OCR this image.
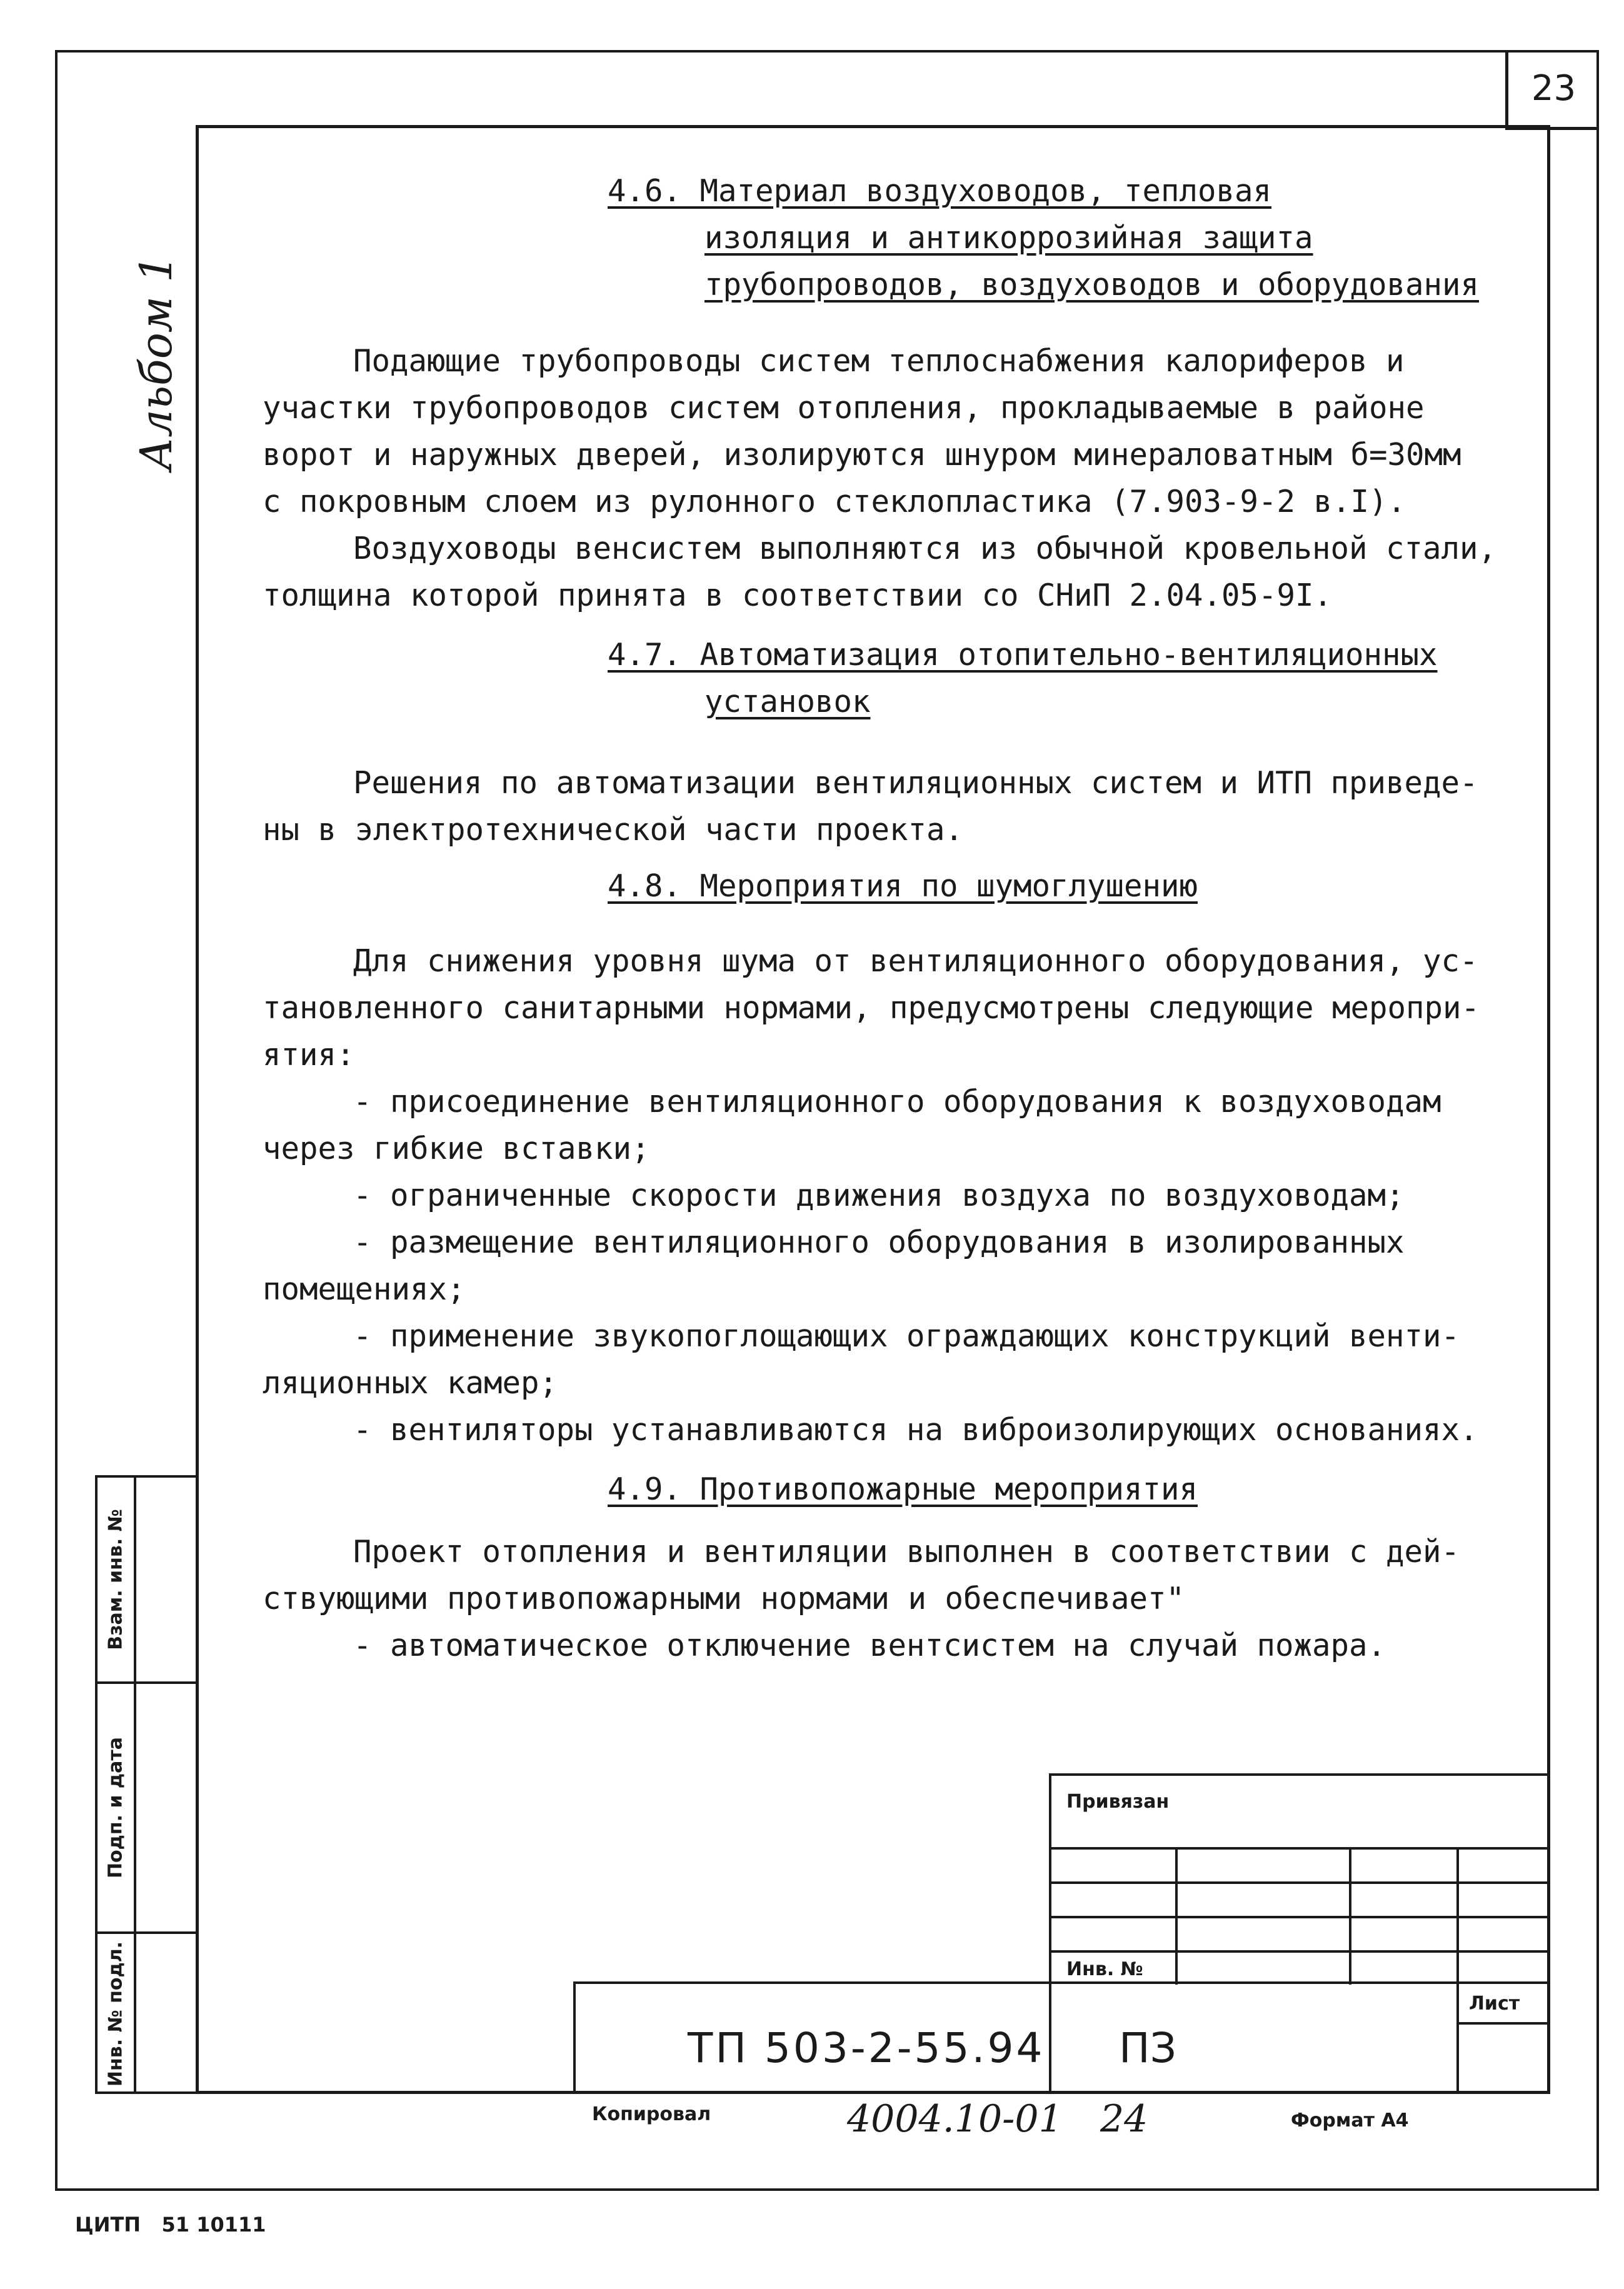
23
Альбом 1
Взам. инв. №
Подп. и дата
Инв. № подл.
4.6. Материал воздуховодов, тепловая
изоляция и антикоррозийная защита
трубопроводов, воздуховодов и оборудования
Подающие трубопроводы систем теплоснабжения калориферов и
участки трубопроводов систем отопления, прокладываемые в районе
ворот и наружных дверей, изолируются шнуром минераловатным б=30мм
с покровным слоем из рулонного стеклопластика (7.903-9-2 в.I).
Воздуховоды венсистем выполняются из обычной кровельной стали,
толщина которой принята в соответствии со СНиП 2.04.05-9I.
4.7. Автоматизация отопительно-вентиляционных
установок
Решения по автоматизации вентиляционных систем и ИТП приведе-
ны в электротехнической части проекта.
4.8. Мероприятия по шумоглушению
Для снижения уровня шума от вентиляционного оборудования, ус-
тановленного санитарными нормами, предусмотрены следующие меропри-
ятия:
- присоединение вентиляционного оборудования к воздуховодам
через гибкие вставки;
- ограниченные скорости движения воздуха по воздуховодам;
- размещение вентиляционного оборудования в изолированных
помещениях;
- применение звукопоглощающих ограждающих конструкций венти-
ляционных камер;
- вентиляторы устанавливаются на виброизолирующих основаниях.
4.9. Противопожарные мероприятия
Проект отопления и вентиляции выполнен в соответствии с дей-
ствующими противопожарными нормами и обеспечивает"
- автоматическое отключение вентсистем на случай пожара.
Привязан
Инв. №
Лист
ТП 503-2-55.94 ПЗ
Копировал	4004.10-01 24	Формат А4
ЦИТП   51 10111
